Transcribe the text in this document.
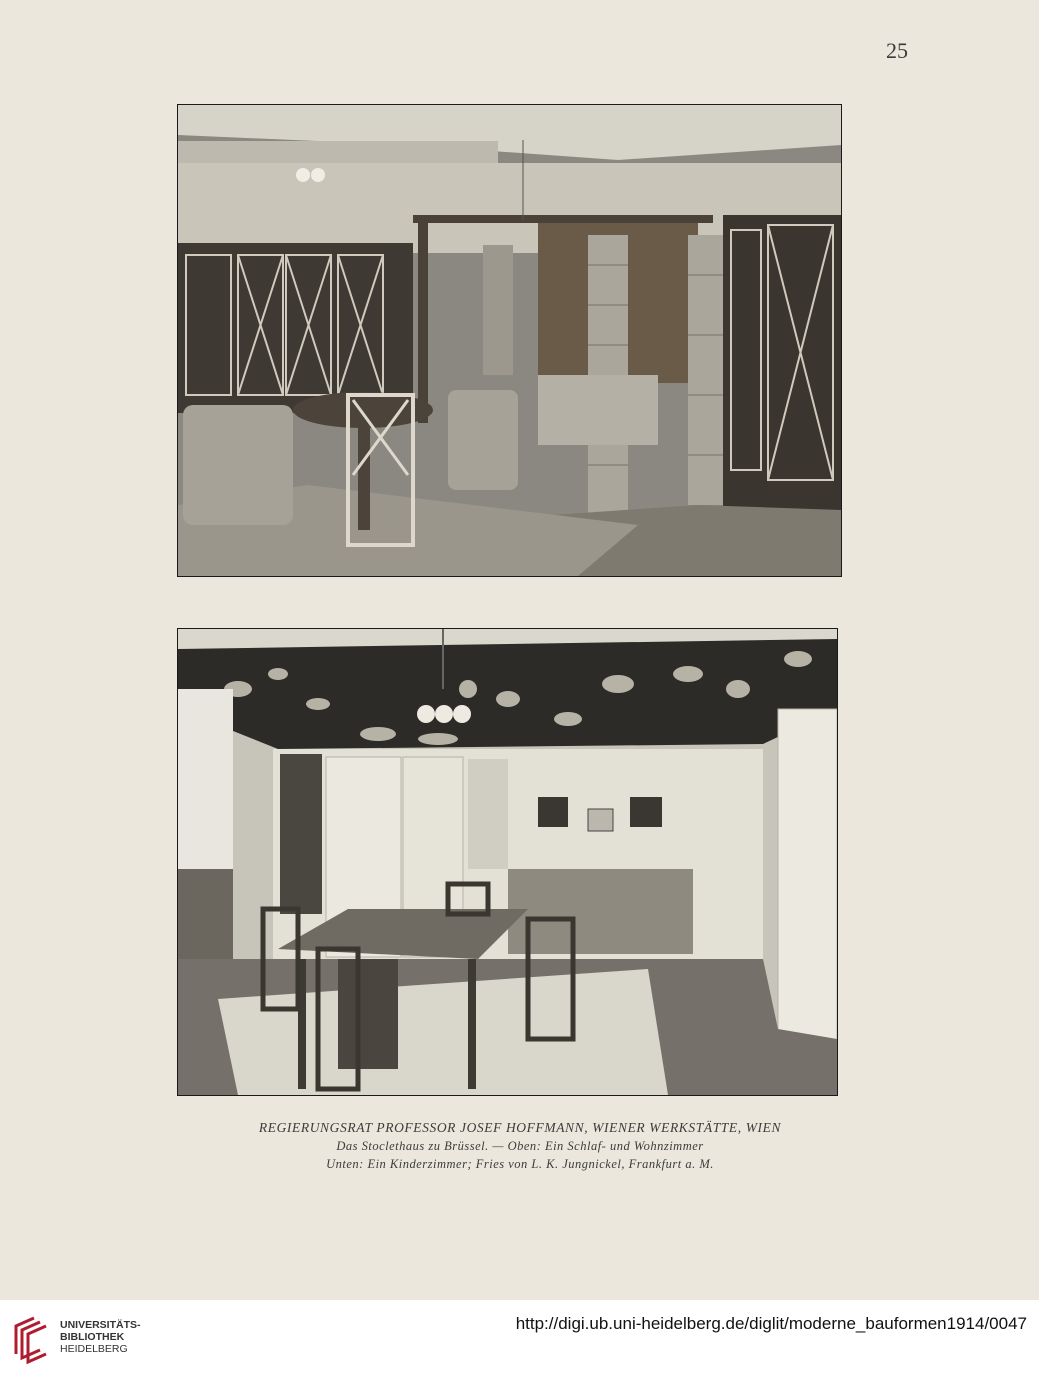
25
REGIERUNGSRAT PROFESSOR JOSEF HOFFMANN, WIENER WERKSTÄTTE, WIEN
Das Stoclethaus zu Brüssel. — Oben: Ein Schlaf- und Wohnzimmer
Unten: Ein Kinderzimmer; Fries von L. K. Jungnickel, Frankfurt a. M.
UNIVERSITÄTS-
BIBLIOTHEK
HEIDELBERG
http://digi.ub.uni-heidelberg.de/diglit/moderne_bauformen1914/0047
